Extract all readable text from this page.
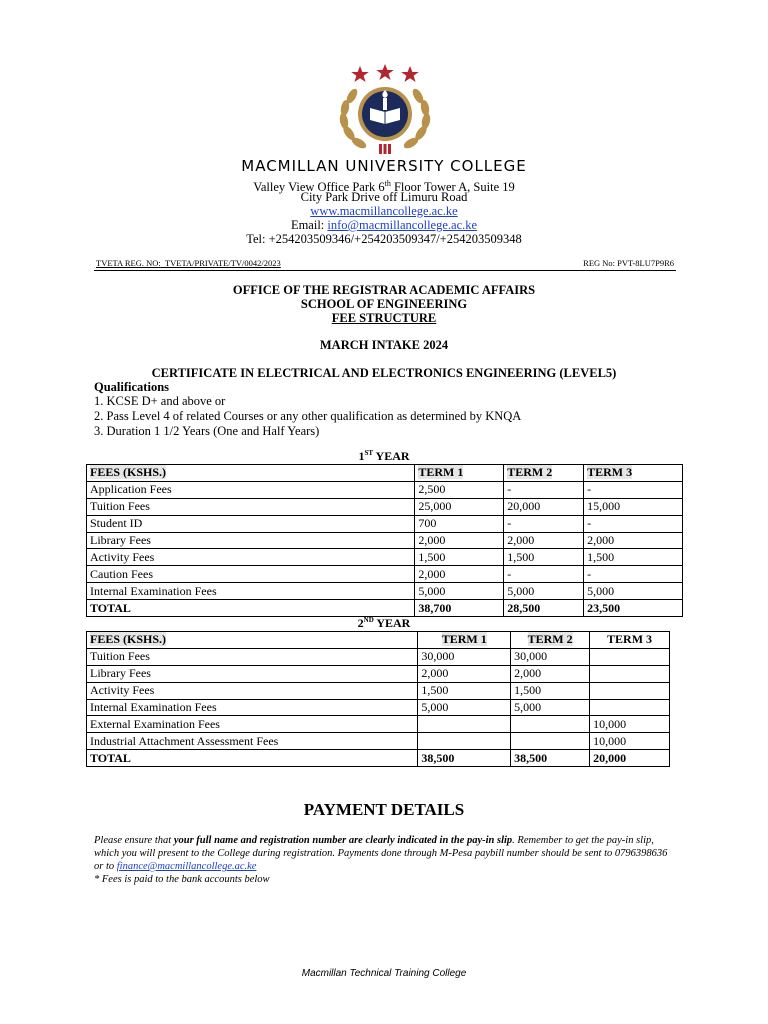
MACMILLAN UNIVERSITY COLLEGE
Valley View Office Park 6th Floor Tower A, Suite 19
City Park Drive off Limuru Road
www.macmillancollege.ac.ke
Email: info@macmillancollege.ac.ke
Tel: +254203509346/+254203509347/+254203509348
TVETA REG. NO: TVETA/PRIVATE/TV/0042/2023	REG No: PVT-8LU7P9R6
OFFICE OF THE REGISTRAR ACADEMIC AFFAIRS
SCHOOL OF ENGINEERING
FEE STRUCTURE
MARCH INTAKE 2024
CERTIFICATE IN ELECTRICAL AND ELECTRONICS ENGINEERING (LEVEL5)
Qualifications
1. KCSE D+ and above or
2. Pass Level 4 of related Courses or any other qualification as determined by KNQA
3. Duration 1 1/2 Years (One and Half Years)
1ST YEAR
FEES (KSHS.)	TERM 1	TERM 2	TERM 3
Application Fees	2,500	-	-
Tuition Fees	25,000	20,000	15,000
Student ID	700	-	-
Library Fees	2,000	2,000	2,000
Activity Fees	1,500	1,500	1,500
Caution Fees	2,000	-	-
Internal Examination Fees	5,000	5,000	5,000
TOTAL	38,700	28,500	23,500
2ND YEAR
FEES (KSHS.)	TERM 1	TERM 2	TERM 3
Tuition Fees	30,000	30,000	
Library Fees	2,000	2,000	
Activity Fees	1,500	1,500	
Internal Examination Fees	5,000	5,000	
External Examination Fees			10,000
Industrial Attachment Assessment Fees			10,000
TOTAL	38,500	38,500	20,000
PAYMENT DETAILS
Please ensure that your full name and registration number are clearly indicated in the pay-in slip. Remember to get the pay-in slip, which you will present to the College during registration. Payments done through M-Pesa paybill number should be sent to 0796398636 or to finance@macmillancollege.ac.ke
* Fees is paid to the bank accounts below
Macmillan Technical Training College
